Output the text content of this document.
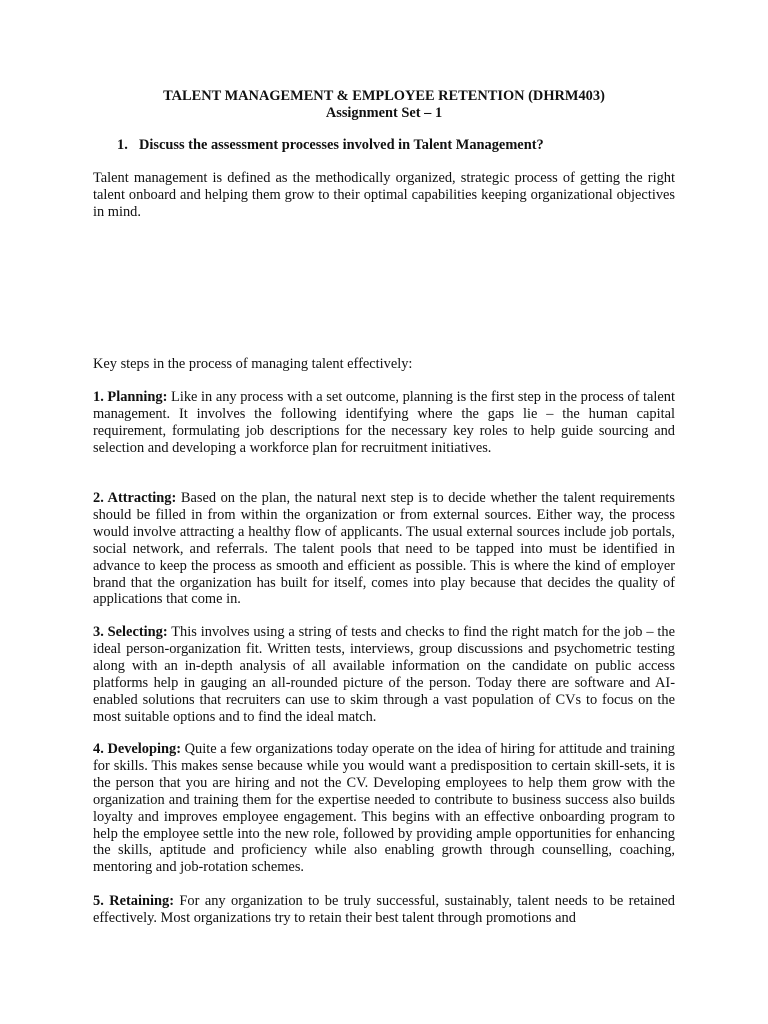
TALENT MANAGEMENT & EMPLOYEE RETENTION (DHRM403)
Assignment Set – 1
1. Discuss the assessment processes involved in Talent Management?
Talent management is defined as the methodically organized, strategic process of getting the right talent onboard and helping them grow to their optimal capabilities keeping organizational objectives in mind.
Key steps in the process of managing talent effectively:
1. Planning: Like in any process with a set outcome, planning is the first step in the process of talent management. It involves the following identifying where the gaps lie – the human capital requirement, formulating job descriptions for the necessary key roles to help guide sourcing and selection and developing a workforce plan for recruitment initiatives.
2. Attracting: Based on the plan, the natural next step is to decide whether the talent requirements should be filled in from within the organization or from external sources. Either way, the process would involve attracting a healthy flow of applicants. The usual external sources include job portals, social network, and referrals. The talent pools that need to be tapped into must be identified in advance to keep the process as smooth and efficient as possible. This is where the kind of employer brand that the organization has built for itself, comes into play because that decides the quality of applications that come in.
3. Selecting: This involves using a string of tests and checks to find the right match for the job – the ideal person-organization fit. Written tests, interviews, group discussions and psychometric testing along with an in-depth analysis of all available information on the candidate on public access platforms help in gauging an all-rounded picture of the person. Today there are software and AI-enabled solutions that recruiters can use to skim through a vast population of CVs to focus on the most suitable options and to find the ideal match.
4. Developing: Quite a few organizations today operate on the idea of hiring for attitude and training for skills. This makes sense because while you would want a predisposition to certain skill-sets, it is the person that you are hiring and not the CV. Developing employees to help them grow with the organization and training them for the expertise needed to contribute to business success also builds loyalty and improves employee engagement. This begins with an effective onboarding program to help the employee settle into the new role, followed by providing ample opportunities for enhancing the skills, aptitude and proficiency while also enabling growth through counselling, coaching, mentoring and job-rotation schemes.
5. Retaining: For any organization to be truly successful, sustainably, talent needs to be retained effectively. Most organizations try to retain their best talent through promotions and
